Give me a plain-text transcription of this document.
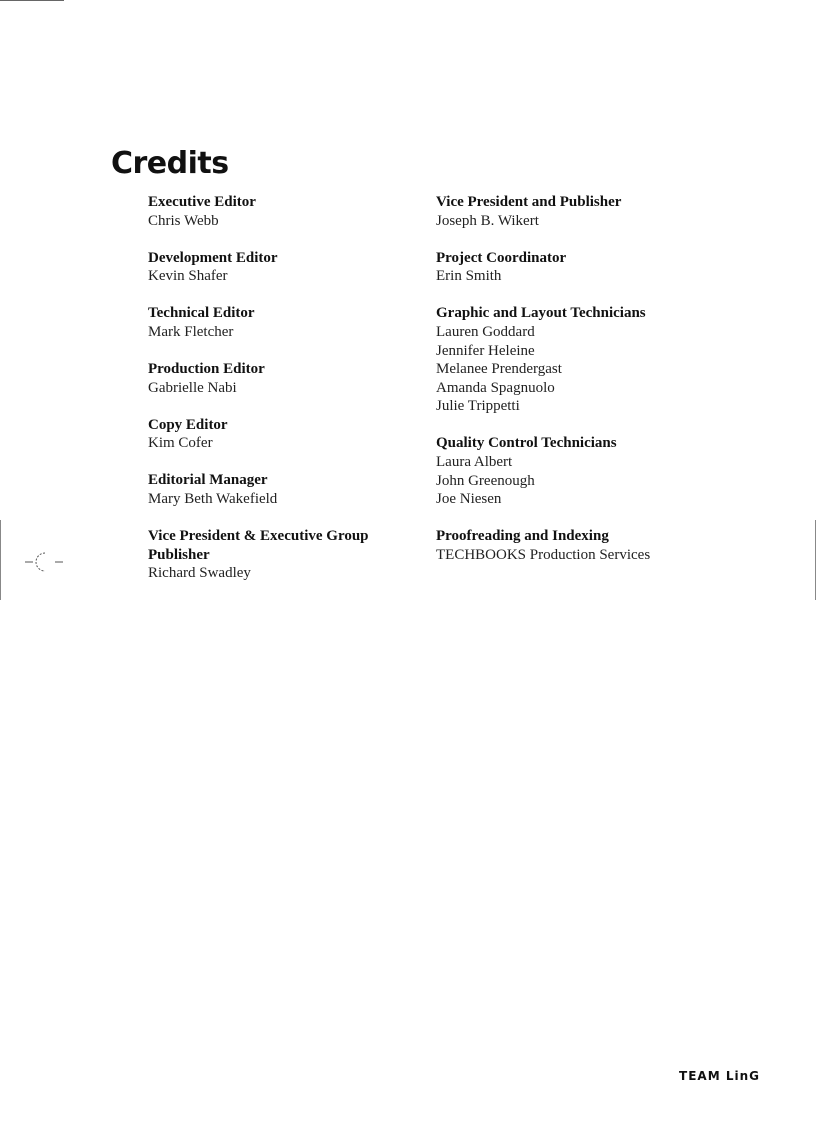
Credits
Executive Editor
Chris Webb
Development Editor
Kevin Shafer
Technical Editor
Mark Fletcher
Production Editor
Gabrielle Nabi
Copy Editor
Kim Cofer
Editorial Manager
Mary Beth Wakefield
Vice President & Executive Group Publisher
Richard Swadley
Vice President and Publisher
Joseph B. Wikert
Project Coordinator
Erin Smith
Graphic and Layout Technicians
Lauren Goddard
Jennifer Heleine
Melanee Prendergast
Amanda Spagnuolo
Julie Trippetti
Quality Control Technicians
Laura Albert
John Greenough
Joe Niesen
Proofreading and Indexing
TECHBOOKS Production Services
TEAM LinG
